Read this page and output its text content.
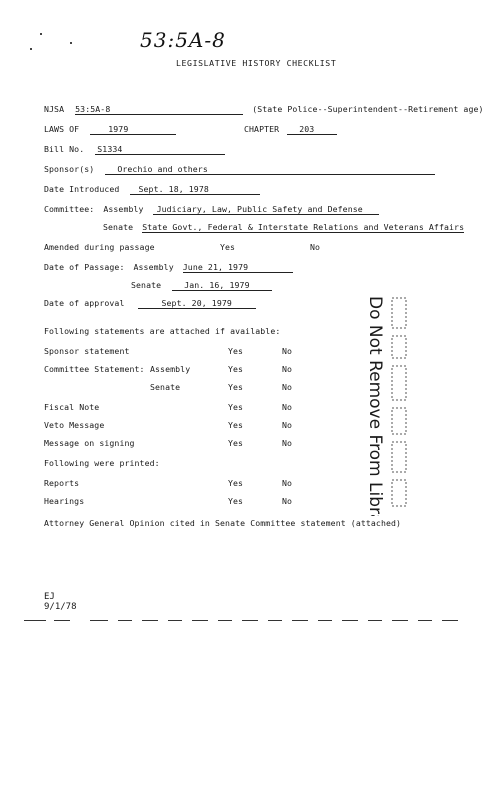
53:5A-8
LEGISLATIVE HISTORY CHECKLIST
NJSA 53:5A-8	(State Police--Superintendent--Retirement age)
LAWS OF	1979	CHAPTER 203
Bill No. S1334
Sponsor(s)	Orechio and others
Date Introduced Sept. 18, 1978
Committee: Assembly Judiciary, Law, Public Safety and Defense
Senate State Govt., Federal & Interstate Relations and Veterans Affairs
Amended during passage	Yes	No
Date of Passage: Assembly June 21, 1979
Senate	Jan. 16, 1979
Date of approval	Sept. 20, 1979
Following statements are attached if available:
Sponsor statement	Yes	No
Committee Statement: Assembly	Yes	No
Senate	Yes	No
Fiscal Note	Yes	No
Veto Message	Yes	No
Message on signing	Yes	No
Following were printed:
Reports	Yes	No
Hearings	Yes	No
Attorney General Opinion cited in Senate Committee statement (attached)
Do Not Remove From Library
EJ
9/1/78
